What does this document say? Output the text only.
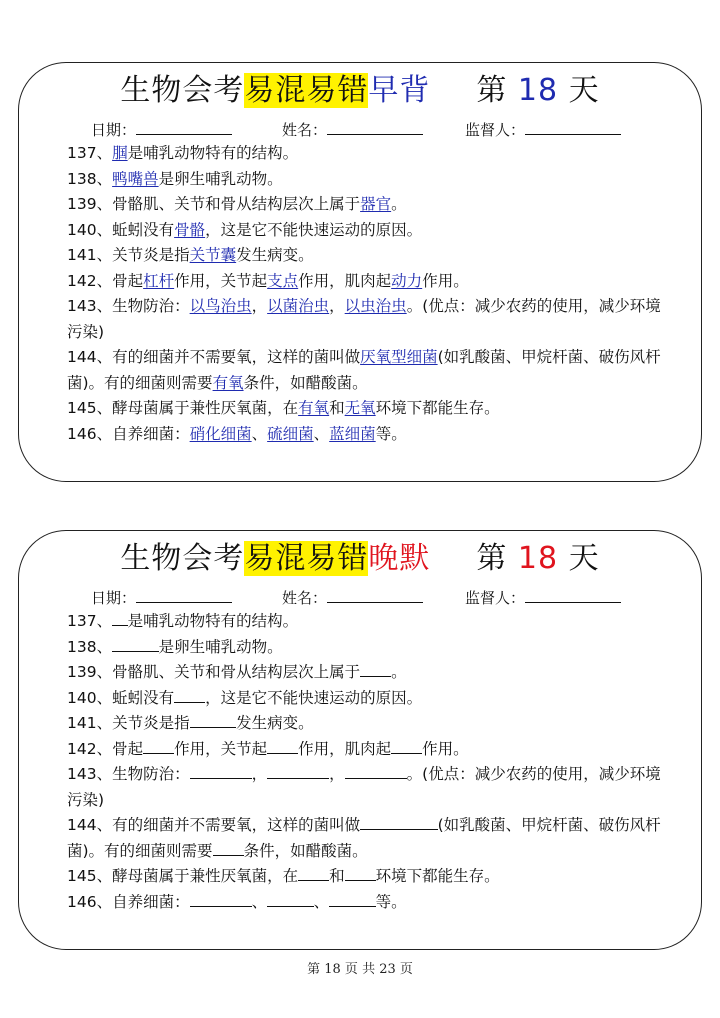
生物会考易混易错早背 第 18 天
日期：	姓名：	监督人：

137、腘是哺乳动物特有的结构。

138、鸭嘴兽是卵生哺乳动物。

139、骨骼肌、关节和骨从结构层次上属于器官。

140、蚯蚓没有骨骼，这是它不能快速运动的原因。

141、关节炎是指关节囊发生病变。

142、骨起杠杆作用，关节起支点作用，肌肉起动力作用。

143、生物防治：以鸟治虫，以菌治虫，以虫治虫。(优点：减少农药的使用，减少环境污染)

144、有的细菌并不需要氧，这样的菌叫做厌氧型细菌(如乳酸菌、甲烷杆菌、破伤风杆菌)。有的细菌则需要有氧条件，如醋酸菌。

145、酵母菌属于兼性厌氧菌，在有氧和无氧环境下都能生存。

146、自养细菌：硝化细菌、硫细菌、蓝细菌等。

生物会考易混易错晚默 第 18 天
日期：	姓名：	监督人：

137、 是哺乳动物特有的结构。

138、	是卵生哺乳动物。

139、骨骼肌、关节和骨从结构层次上属于 。

140、蚯蚓没有 ，这是它不能快速运动的原因。

141、关节炎是指	发生病变。

142、骨起 作用，关节起 作用，肌肉起 作用。

143、生物防治：	，	，	。(优点：减少农药的使用，减少环境污染)

144、有的细菌并不需要氧，这样的菌叫做	(如乳酸菌、甲烷杆菌、破伤风杆菌)。有的细菌则需要 条件，如醋酸菌。

145、酵母菌属于兼性厌氧菌，在 和 环境下都能生存。

146、自养细菌：	、	、	等。

第 18 页 共 23 页
